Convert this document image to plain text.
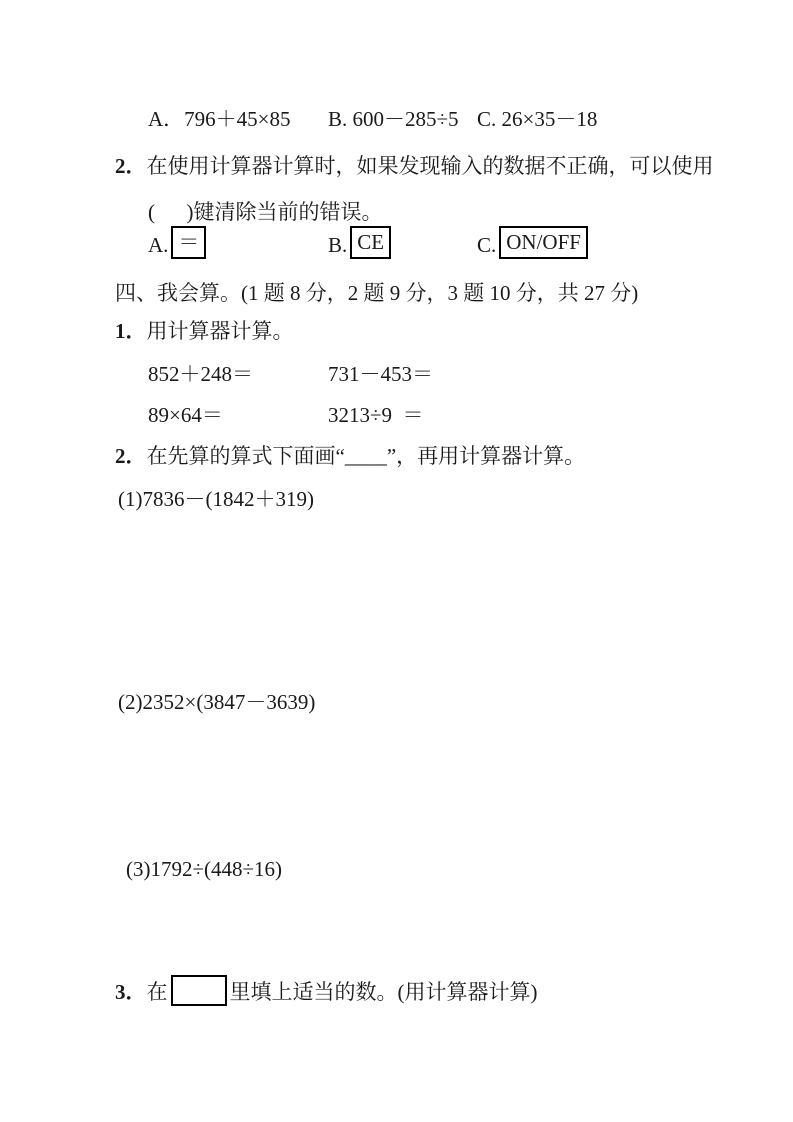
A．796＋45×85 B. 600－285÷5 C. 26×35－18
2．在使用计算器计算时，如果发现输入的数据不正确，可以使用
(      )键清除当前的错误。
A. ＝	B. CE	C. ON/OFF
四、我会算。(1 题 8 分，2 题 9 分，3 题 10 分，共 27 分)
1．用计算器计算。
852＋248＝	731－453＝
89×64＝	3213÷9  ＝
2．在先算的算式下面画“____”，再用计算器计算。
(1)7836－(1842＋319)
(2)2352×(3847－3639)
(3)1792÷(448÷16)
3． 在	里填上适当的数。(用计算器计算)
